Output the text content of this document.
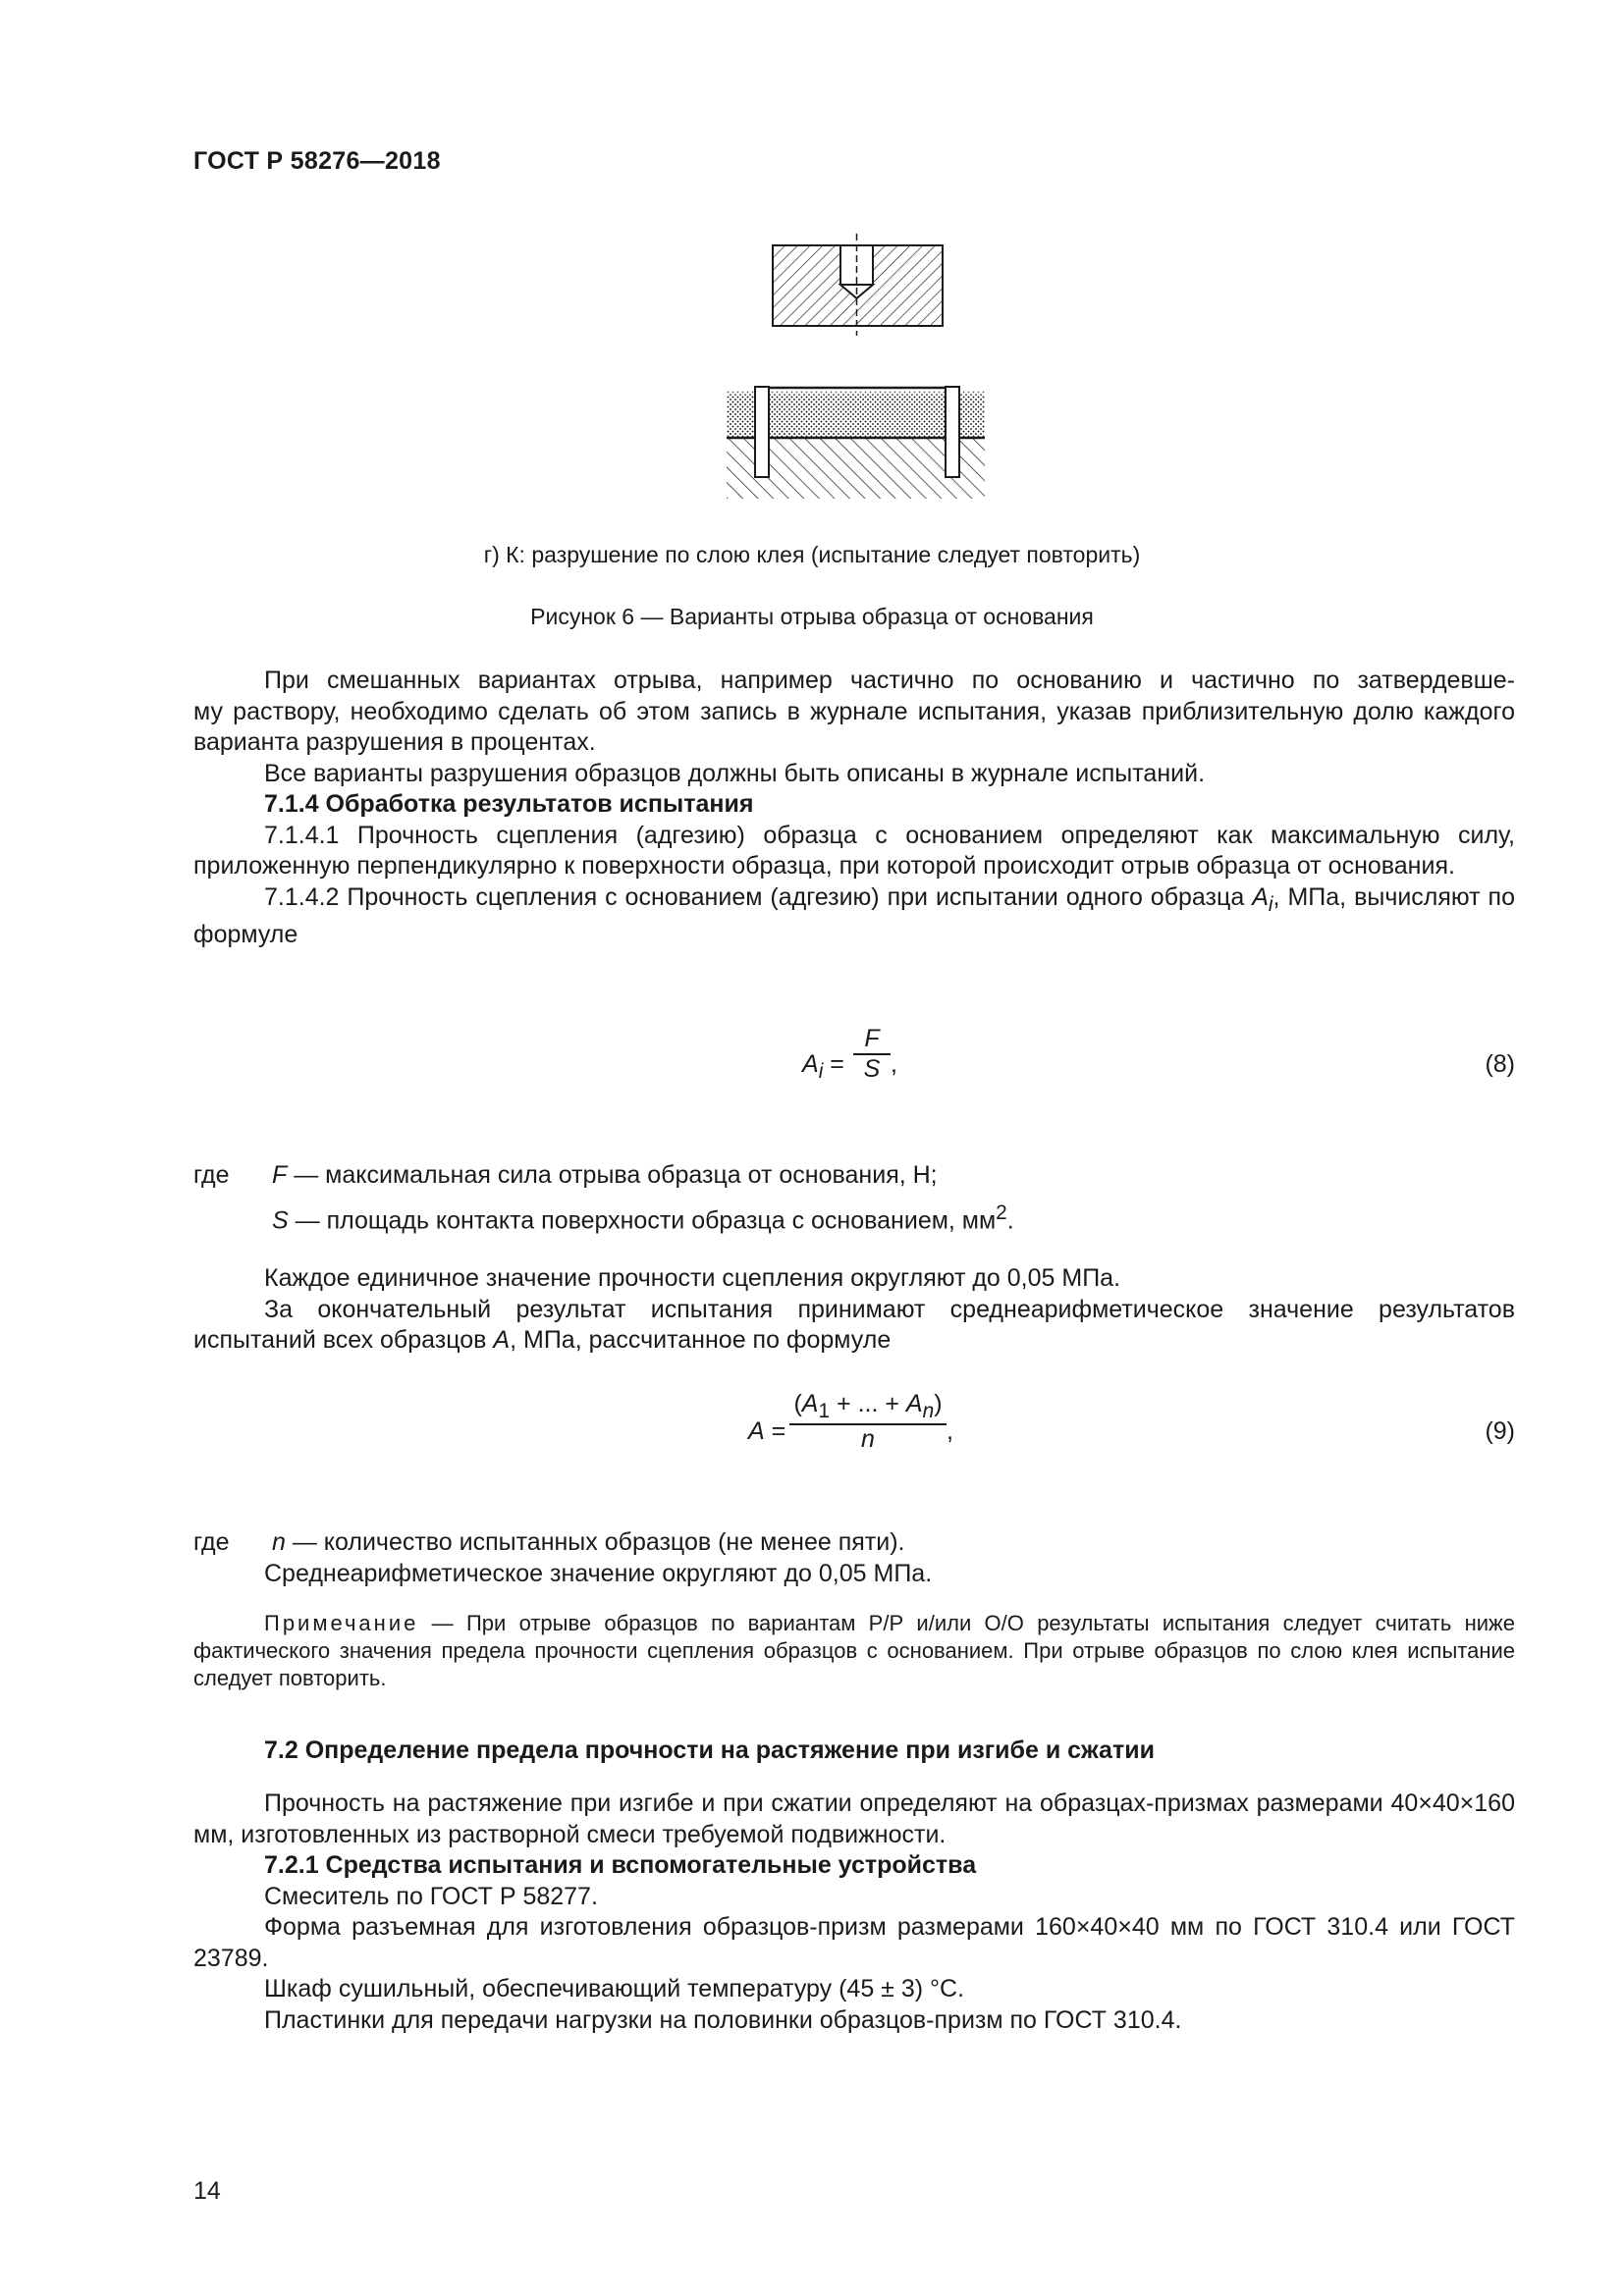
ГОСТ Р 58276—2018
г) К: разрушение по слою клея (испытание следует повторить)
Рисунок 6 — Варианты отрыва образца от основания

При смешанных вариантах отрыва, например частично по основанию и частично по затвердевше-

му раствору, необходимо сделать об этом запись в журнале испытания, указав приблизительную долю каждого варианта разрушения в процентах.

Все варианты разрушения образцов должны быть описаны в журнале испытаний.

7.1.4 Обработка результатов испытания

7.1.4.1 Прочность сцепления (адгезию) образца с основанием определяют как максимальную силу, приложенную перпендикулярно к поверхности образца, при которой происходит отрыв образца от основания.

7.1.4.2 Прочность сцепления с основанием (адгезию) при испытании одного образца $A_i$, МПа, вычисляют по формуле

$A_i$ =
F
S ,	(8)
где F — максимальная сила отрыва образца от основания, Н;
S — площадь контакта поверхности образца с основанием, $мм^2$.

Каждое единичное значение прочности сцепления округляют до 0,05 МПа.

За окончательный результат испытания принимают среднеарифметическое значение результатов испытаний всех образцов A, МПа, рассчитанное по формуле

A =
($A_1$ + ... + $A_n$)
n	,	(9)
где n — количество испытанных образцов (не менее пяти).
Среднеарифметическое значение округляют до 0,05 МПа.

Примечание — При отрыве образцов по вариантам Р/Р и/или О/О результаты испытания следует считать ниже фактического значения предела прочности сцепления образцов с основанием. При отрыве образцов по слою клея испытание следует повторить.

7.2 Определение предела прочности на растяжение при изгибе и сжатии

Прочность на растяжение при изгибе и при сжатии определяют на образцах-призмах размерами 40×40×160 мм, изготовленных из растворной смеси требуемой подвижности.

7.2.1 Средства испытания и вспомогательные устройства

Смеситель по ГОСТ Р 58277.

Форма разъемная для изготовления образцов-призм размерами 160×40×40 мм по ГОСТ 310.4 или ГОСТ 23789.

Шкаф сушильный, обеспечивающий температуру (45 ± 3) °С.

Пластинки для передачи нагрузки на половинки образцов-призм по ГОСТ 310.4.

14
